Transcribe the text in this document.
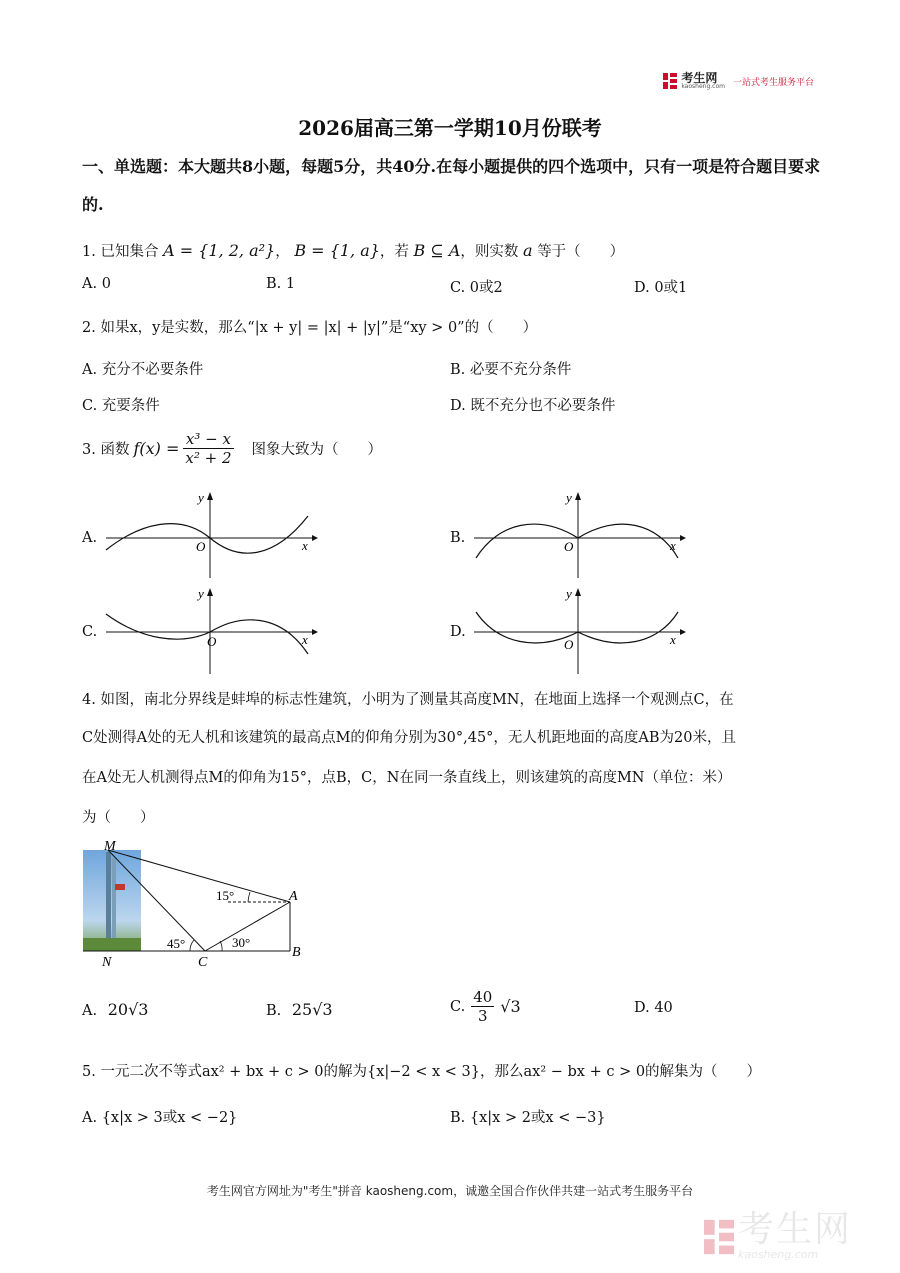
考生网
kaosheng.com 一站式考生服务平台
2026届高三第一学期10月份联考
一、单选题：本大题共8小题，每题5分，共40分.在每小题提供的四个选项中，只有一项是符合题目要求的.
1. 已知集合 A = {1, 2, a²}， B = {1, a}，若 B ⊆ A，则实数 a 等于（　　）
A. 0	B. 1	C. 0或2	D. 0或1
2. 如果x，y是实数，那么“|x + y| = |x| + |y|”是“xy > 0”的（　　）
A. 充分不必要条件	B. 必要不充分条件
C. 充要条件	D. 既不充分也不必要条件
3. 函数 $f(x) = \frac{\text{x³ − x}}{\text{x² + 2}}$ 图象大致为（　　）
A.	B.
C.	D.
y
x
O
y
x
O
y
x
O
y
x
O
4. 如图，南北分界线是蚌埠的标志性建筑，小明为了测量其高度MN，在地面上选择一个观测点C，在
C处测得A处的无人机和该建筑的最高点M的仰角分别为30°,45°，无人机距地面的高度AB为20米，且
在A处无人机测得点M的仰角为15°，点B，C，N在同一条直线上，则该建筑的高度MN（单位：米）
为（　　）
M
A
B
C
N
15°
45°	30°
A. 20√3	B. 25√3	C. $\frac{40}{3} √3$	D. 40
5. 一元二次不等式ax² + bx + c > 0的解为{x|−2 < x < 3}，那么ax² − bx + c > 0的解集为（　　）
A. {x|x > 3或x < −2}	B. {x|x > 2或x < −3}
考生网官方网址为"考生"拼音 kaosheng.com，诚邀全国合作伙伴共建一站式考生服务平台
考生网
kaosheng.com
